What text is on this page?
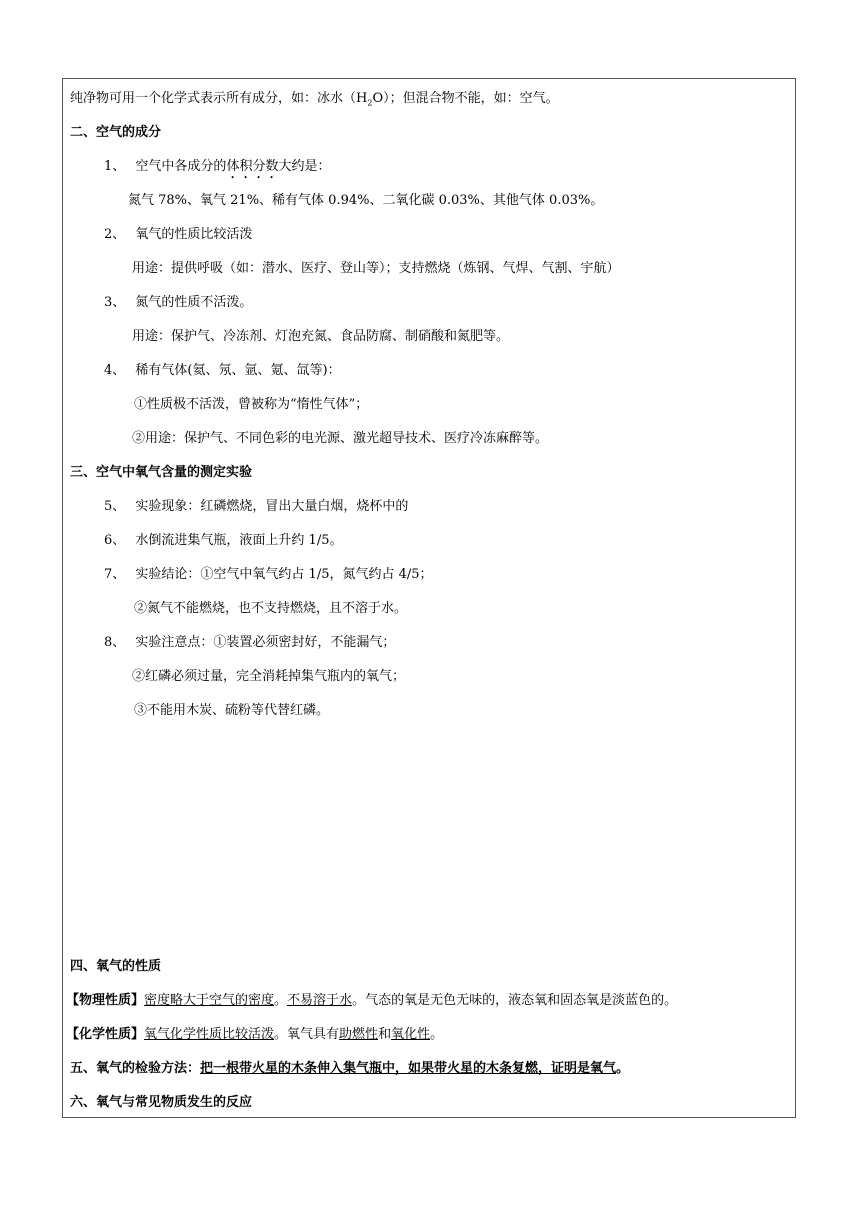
纯净物可用一个化学式表示所有成分，如：冰水$(H_2O)$；但混合物不能，如：空气。
二、空气的成分
1、 空气中各成分的体积分数大约是：
氮气 78%、氧气 21%、稀有气体 0.94%、二氧化碳 0.03%、其他气体 0.03%。
2、 氧气的性质比较活泼
用途：提供呼吸（如：潜水、医疗、登山等）；支持燃烧（炼钢、气焊、气割、宇航）
3、 氮气的性质不活泼。
用途：保护气、冷冻剂、灯泡充氮、食品防腐、制硝酸和氮肥等。
4、 稀有气体(氦、氖、氩、氪、氙等)：
①性质极不活泼，曾被称为“惰性气体”；
②用途：保护气、不同色彩的电光源、激光超导技术、医疗冷冻麻醉等。
三、空气中氧气含量的测定实验
5、 实验现象：红磷燃烧，冒出大量白烟，烧杯中的
6、 水倒流进集气瓶，液面上升约 1/5。
7、 实验结论：①空气中氧气约占 1/5，氮气约占 4/5；
②氮气不能燃烧，也不支持燃烧，且不溶于水。
8、 实验注意点：①装置必须密封好，不能漏气；
②红磷必须过量，完全消耗掉集气瓶内的氧气；
③不能用木炭、硫粉等代替红磷。
四、氧气的性质
【物理性质】密度略大于空气的密度。不易溶于水。气态的氧是无色无味的，液态氧和固态氧是淡蓝色的。
【化学性质】氧气化学性质比较活泼。氧气具有助燃性和氧化性。
五、氧气的检验方法：把一根带火星的木条伸入集气瓶中，如果带火星的木条复燃，证明是氧气。
六、氧气与常见物质发生的反应
